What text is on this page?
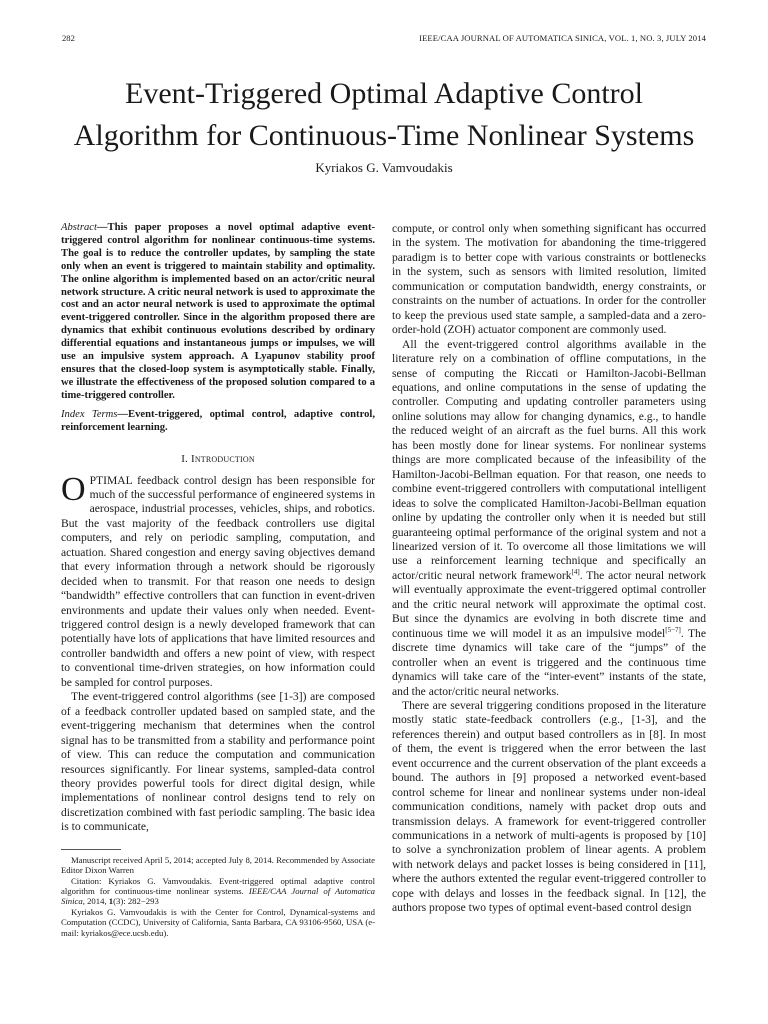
282	IEEE/CAA JOURNAL OF AUTOMATICA SINICA, VOL. 1, NO. 3, JULY 2014
Event-Triggered Optimal Adaptive Control
Algorithm for Continuous-Time Nonlinear Systems
Kyriakos G. Vamvoudakis

Abstract—This paper proposes a novel optimal adaptive event-triggered control algorithm for nonlinear continuous-time systems. The goal is to reduce the controller updates, by sampling the state only when an event is triggered to maintain stability and optimality. The online algorithm is implemented based on an actor/critic neural network structure. A critic neural network is used to approximate the cost and an actor neural network is used to approximate the optimal event-triggered controller. Since in the algorithm proposed there are dynamics that exhibit continuous evolutions described by ordinary differential equations and instantaneous jumps or impulses, we will use an impulsive system approach. A Lyapunov stability proof ensures that the closed-loop system is asymptotically stable. Finally, we illustrate the effectiveness of the proposed solution compared to a time-triggered controller.

Index Terms—Event-triggered, optimal control, adaptive control, reinforcement learning.

I. Introduction

OPTIMAL feedback control design has been responsible for much of the successful performance of engineered systems in aerospace, industrial processes, vehicles, ships, and robotics. But the vast majority of the feedback controllers use digital computers, and rely on periodic sampling, computation, and actuation. Shared congestion and energy saving objectives demand that every information through a network should be rigorously decided when to transmit. For that reason one needs to design “bandwidth” effective controllers that can function in event-driven environments and update their values only when needed. Event-triggered control design is a newly developed framework that can potentially have lots of applications that have limited resources and controller bandwidth and offers a new point of view, with respect to conventional time-driven strategies, on how information could be sampled for control purposes.

The event-triggered control algorithms (see [1-3]) are composed of a feedback controller updated based on sampled state, and the event-triggering mechanism that determines when the control signal has to be transmitted from a stability and performance point of view. This can reduce the computation and communication resources significantly. For linear systems, sampled-data control theory provides powerful tools for direct digital design, while implementations of nonlinear control designs tend to rely on discretization combined with fast periodic sampling. The basic idea is to communicate,

Manuscript received April 5, 2014; accepted July 8, 2014. Recommended by Associate Editor Dixon Warren

Citation: Kyriakos G. Vamvoudakis. Event-triggered optimal adaptive control algorithm for continuous-time nonlinear systems. IEEE/CAA Journal of Automatica Sinica, 2014, 1(3): 282−293

Kyriakos G. Vamvoudakis is with the Center for Control, Dynamical-systems and Computation (CCDC), University of California, Santa Barbara, CA 93106-9560, USA (e-mail: kyriakos@ece.ucsb.edu).

compute, or control only when something significant has occurred in the system. The motivation for abandoning the time-triggered paradigm is to better cope with various constraints or bottlenecks in the system, such as sensors with limited resolution, limited communication or computation bandwidth, energy constraints, or constraints on the number of actuations. In order for the controller to keep the previous used state sample, a sampled-data and a zero-order-hold (ZOH) actuator component are commonly used.

All the event-triggered control algorithms available in the literature rely on a combination of offline computations, in the sense of computing the Riccati or Hamilton-Jacobi-Bellman equations, and online computations in the sense of updating the controller. Computing and updating controller parameters using online solutions may allow for changing dynamics, e.g., to handle the reduced weight of an aircraft as the fuel burns. All this work has been mostly done for linear systems. For nonlinear systems things are more complicated because of the infeasibility of the Hamilton-Jacobi-Bellman equation. For that reason, one needs to combine event-triggered controllers with computational intelligent ideas to solve the complicated Hamilton-Jacobi-Bellman equation online by updating the controller only when it is needed but still guaranteeing optimal performance of the original system and not a linearized version of it. To overcome all those limitations we will use a reinforcement learning technique and specifically an actor/critic neural network framework[4]. The actor neural network will eventually approximate the event-triggered optimal controller and the critic neural network will approximate the optimal cost. But since the dynamics are evolving in both discrete time and continuous time we will model it as an impulsive model[5−7]. The discrete time dynamics will take care of the “jumps” of the controller when an event is triggered and the continuous time dynamics will take care of the “inter-event” instants of the state, and the actor/critic neural networks.

There are several triggering conditions proposed in the literature mostly static state-feedback controllers (e.g., [1-3], and the references therein) and output based controllers as in [8]. In most of them, the event is triggered when the error between the last event occurrence and the current observation of the plant exceeds a bound. The authors in [9] proposed a networked event-based control scheme for linear and nonlinear systems under non-ideal communication conditions, namely with packet drop outs and transmission delays. A framework for event-triggered controller communications in a network of multi-agents is proposed by [10] to solve a synchronization problem of linear agents. A problem with network delays and packet losses is being considered in [11], where the authors extented the regular event-triggered controller to cope with delays and losses in the feedback signal. In [12], the authors propose two types of optimal event-based control design
